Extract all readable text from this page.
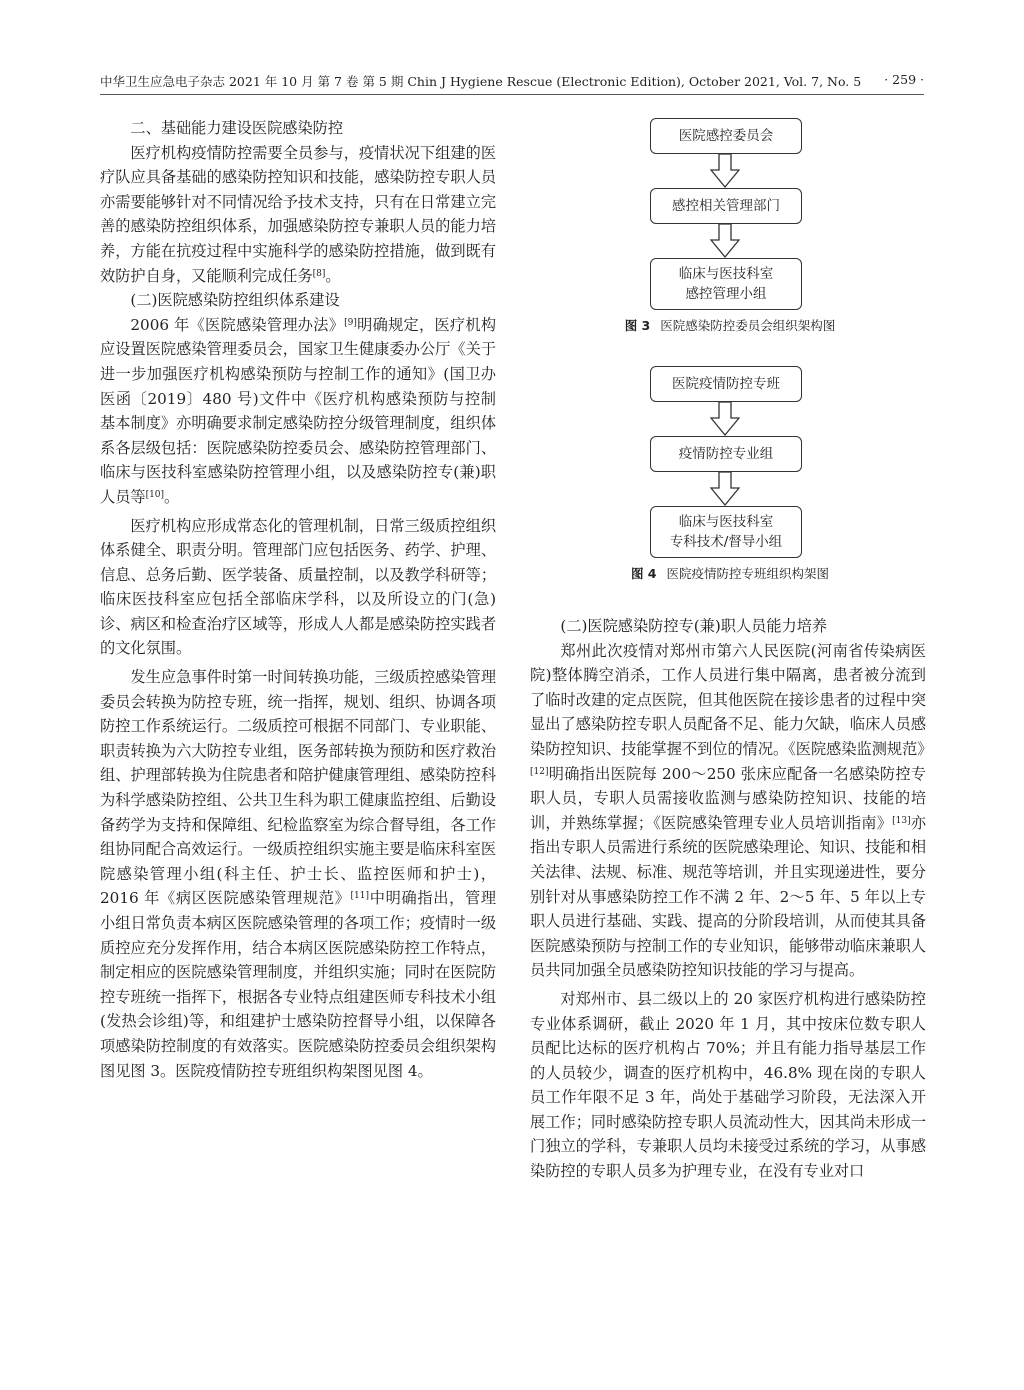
中华卫生应急电子杂志 2021 年 10 月 第 7 卷 第 5 期 Chin J Hygiene Rescue (Electronic Edition), October 2021, Vol. 7, No. 5 · 259 ·

二、基础能力建设医院感染防控

医疗机构疫情防控需要全员参与，疫情状况下组建的医疗队应具备基础的感染防控知识和技能，感染防控专职人员亦需要能够针对不同情况给予技术支持，只有在日常建立完善的感染防控组织体系，加强感染防控专兼职人员的能力培养，方能在抗疫过程中实施科学的感染防控措施，做到既有效防护自身，又能顺利完成任务[8]。

(二)医院感染防控组织体系建设

2006 年《医院感染管理办法》[9]明确规定，医疗机构应设置医院感染管理委员会，国家卫生健康委办公厅《关于进一步加强医疗机构感染预防与控制工作的通知》(国卫办医函〔2019〕480 号)文件中《医疗机构感染预防与控制基本制度》亦明确要求制定感染防控分级管理制度，组织体系各层级包括：医院感染防控委员会、感染防控管理部门、临床与医技科室感染防控管理小组，以及感染防控专(兼)职人员等[10]。

医疗机构应形成常态化的管理机制，日常三级质控组织体系健全、职责分明。管理部门应包括医务、药学、护理、信息、总务后勤、医学装备、质量控制，以及教学科研等；临床医技科室应包括全部临床学科，以及所设立的门(急)诊、病区和检查治疗区域等，形成人人都是感染防控实践者的文化氛围。

发生应急事件时第一时间转换功能，三级质控感染管理委员会转换为防控专班，统一指挥，规划、组织、协调各项防控工作系统运行。二级质控可根据不同部门、专业职能、职责转换为六大防控专业组，医务部转换为预防和医疗救治组、护理部转换为住院患者和陪护健康管理组、感染防控科为科学感染防控组、公共卫生科为职工健康监控组、后勤设备药学为支持和保障组、纪检监察室为综合督导组，各工作组协同配合高效运行。一级质控组织实施主要是临床科室医院感染管理小组(科主任、护士长、监控医师和护士)，2016 年《病区医院感染管理规范》[11]中明确指出，管理小组日常负责本病区医院感染管理的各项工作；疫情时一级质控应充分发挥作用，结合本病区医院感染防控工作特点，制定相应的医院感染管理制度，并组织实施；同时在医院防控专班统一指挥下，根据各专业特点组建医师专科技术小组(发热会诊组)等，和组建护士感染防控督导小组，以保障各项感染防控制度的有效落实。医院感染防控委员会组织架构图见图 3。医院疫情防控专班组织构架图见图 4。

医院感控委员会
感控相关管理部门
临床与医技科室
感控管理小组
图 3 医院感染防控委员会组织架构图
医院疫情防控专班
疫情防控专业组
临床与医技科室
专科技术/督导小组
图 4 医院疫情防控专班组织构架图

(二)医院感染防控专(兼)职人员能力培养

郑州此次疫情对郑州市第六人民医院(河南省传染病医院)整体腾空消杀，工作人员进行集中隔离，患者被分流到了临时改建的定点医院，但其他医院在接诊患者的过程中突显出了感染防控专职人员配备不足、能力欠缺，临床人员感染防控知识、技能掌握不到位的情况。《医院感染监测规范》[12]明确指出医院每 200～250 张床应配备一名感染防控专职人员，专职人员需接收监测与感染防控知识、技能的培训，并熟练掌握；《医院感染管理专业人员培训指南》[13]亦指出专职人员需进行系统的医院感染理论、知识、技能和相关法律、法规、标准、规范等培训，并且实现递进性，要分别针对从事感染防控工作不满 2 年、2～5 年、5 年以上专职人员进行基础、实践、提高的分阶段培训，从而使其具备医院感染预防与控制工作的专业知识，能够带动临床兼职人员共同加强全员感染防控知识技能的学习与提高。

对郑州市、县二级以上的 20 家医疗机构进行感染防控专业体系调研，截止 2020 年 1 月，其中按床位数专职人员配比达标的医疗机构占 70%；并且有能力指导基层工作的人员较少，调查的医疗机构中，46.8% 现在岗的专职人员工作年限不足 3 年，尚处于基础学习阶段，无法深入开展工作；同时感染防控专职人员流动性大，因其尚未形成一门独立的学科，专兼职人员均未接受过系统的学习，从事感染防控的专职人员多为护理专业，在没有专业对口
